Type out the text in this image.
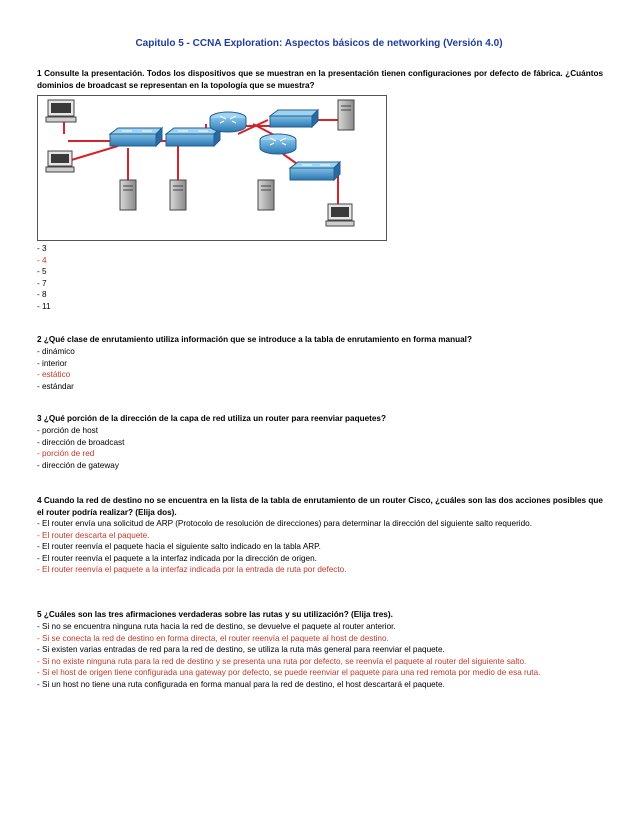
Capitulo 5 - CCNA Exploration: Aspectos básicos de networking (Versión 4.0)
1 Consulte la presentación. Todos los dispositivos que se muestran en la presentación tienen configuraciones por defecto de fábrica. ¿Cuántos dominios de broadcast se representan en la topología que se muestra?
- 3
- 4
- 5
- 7
- 8
- 11
2 ¿Qué clase de enrutamiento utiliza información que se introduce a la tabla de enrutamiento en forma manual?
- dinámico
- interior
- estático
- estándar
3 ¿Qué porción de la dirección de la capa de red utiliza un router para reenviar paquetes?
- porción de host
- dirección de broadcast
- porción de red
- dirección de gateway
4 Cuando la red de destino no se encuentra en la lista de la tabla de enrutamiento de un router Cisco, ¿cuáles son las dos acciones posibles que el router podría realizar? (Elija dos).
- El router envía una solicitud de ARP (Protocolo de resolución de direcciones) para determinar la dirección del siguiente salto requerido.
- El router descarta el paquete.
- El router reenvía el paquete hacia el siguiente salto indicado en la tabla ARP.
- El router reenvía el paquete a la interfaz indicada por la dirección de origen.
- El router reenvía el paquete a la interfaz indicada por la entrada de ruta por defecto.
5 ¿Cuáles son las tres afirmaciones verdaderas sobre las rutas y su utilización? (Elija tres).
- Si no se encuentra ninguna ruta hacia la red de destino, se devuelve el paquete al router anterior.
- Si se conecta la red de destino en forma directa, el router reenvía el paquete al host de destino.
- Si existen varias entradas de red para la red de destino, se utiliza la ruta más general para reenviar el paquete.
- Si no existe ninguna ruta para la red de destino y se presenta una ruta por defecto, se reenvía el paquete al router del siguiente salto.
- Si el host de origen tiene configurada una gateway por defecto, se puede reenviar el paquete para una red remota por medio de esa ruta.
- Si un host no tiene una ruta configurada en forma manual para la red de destino, el host descartará el paquete.
